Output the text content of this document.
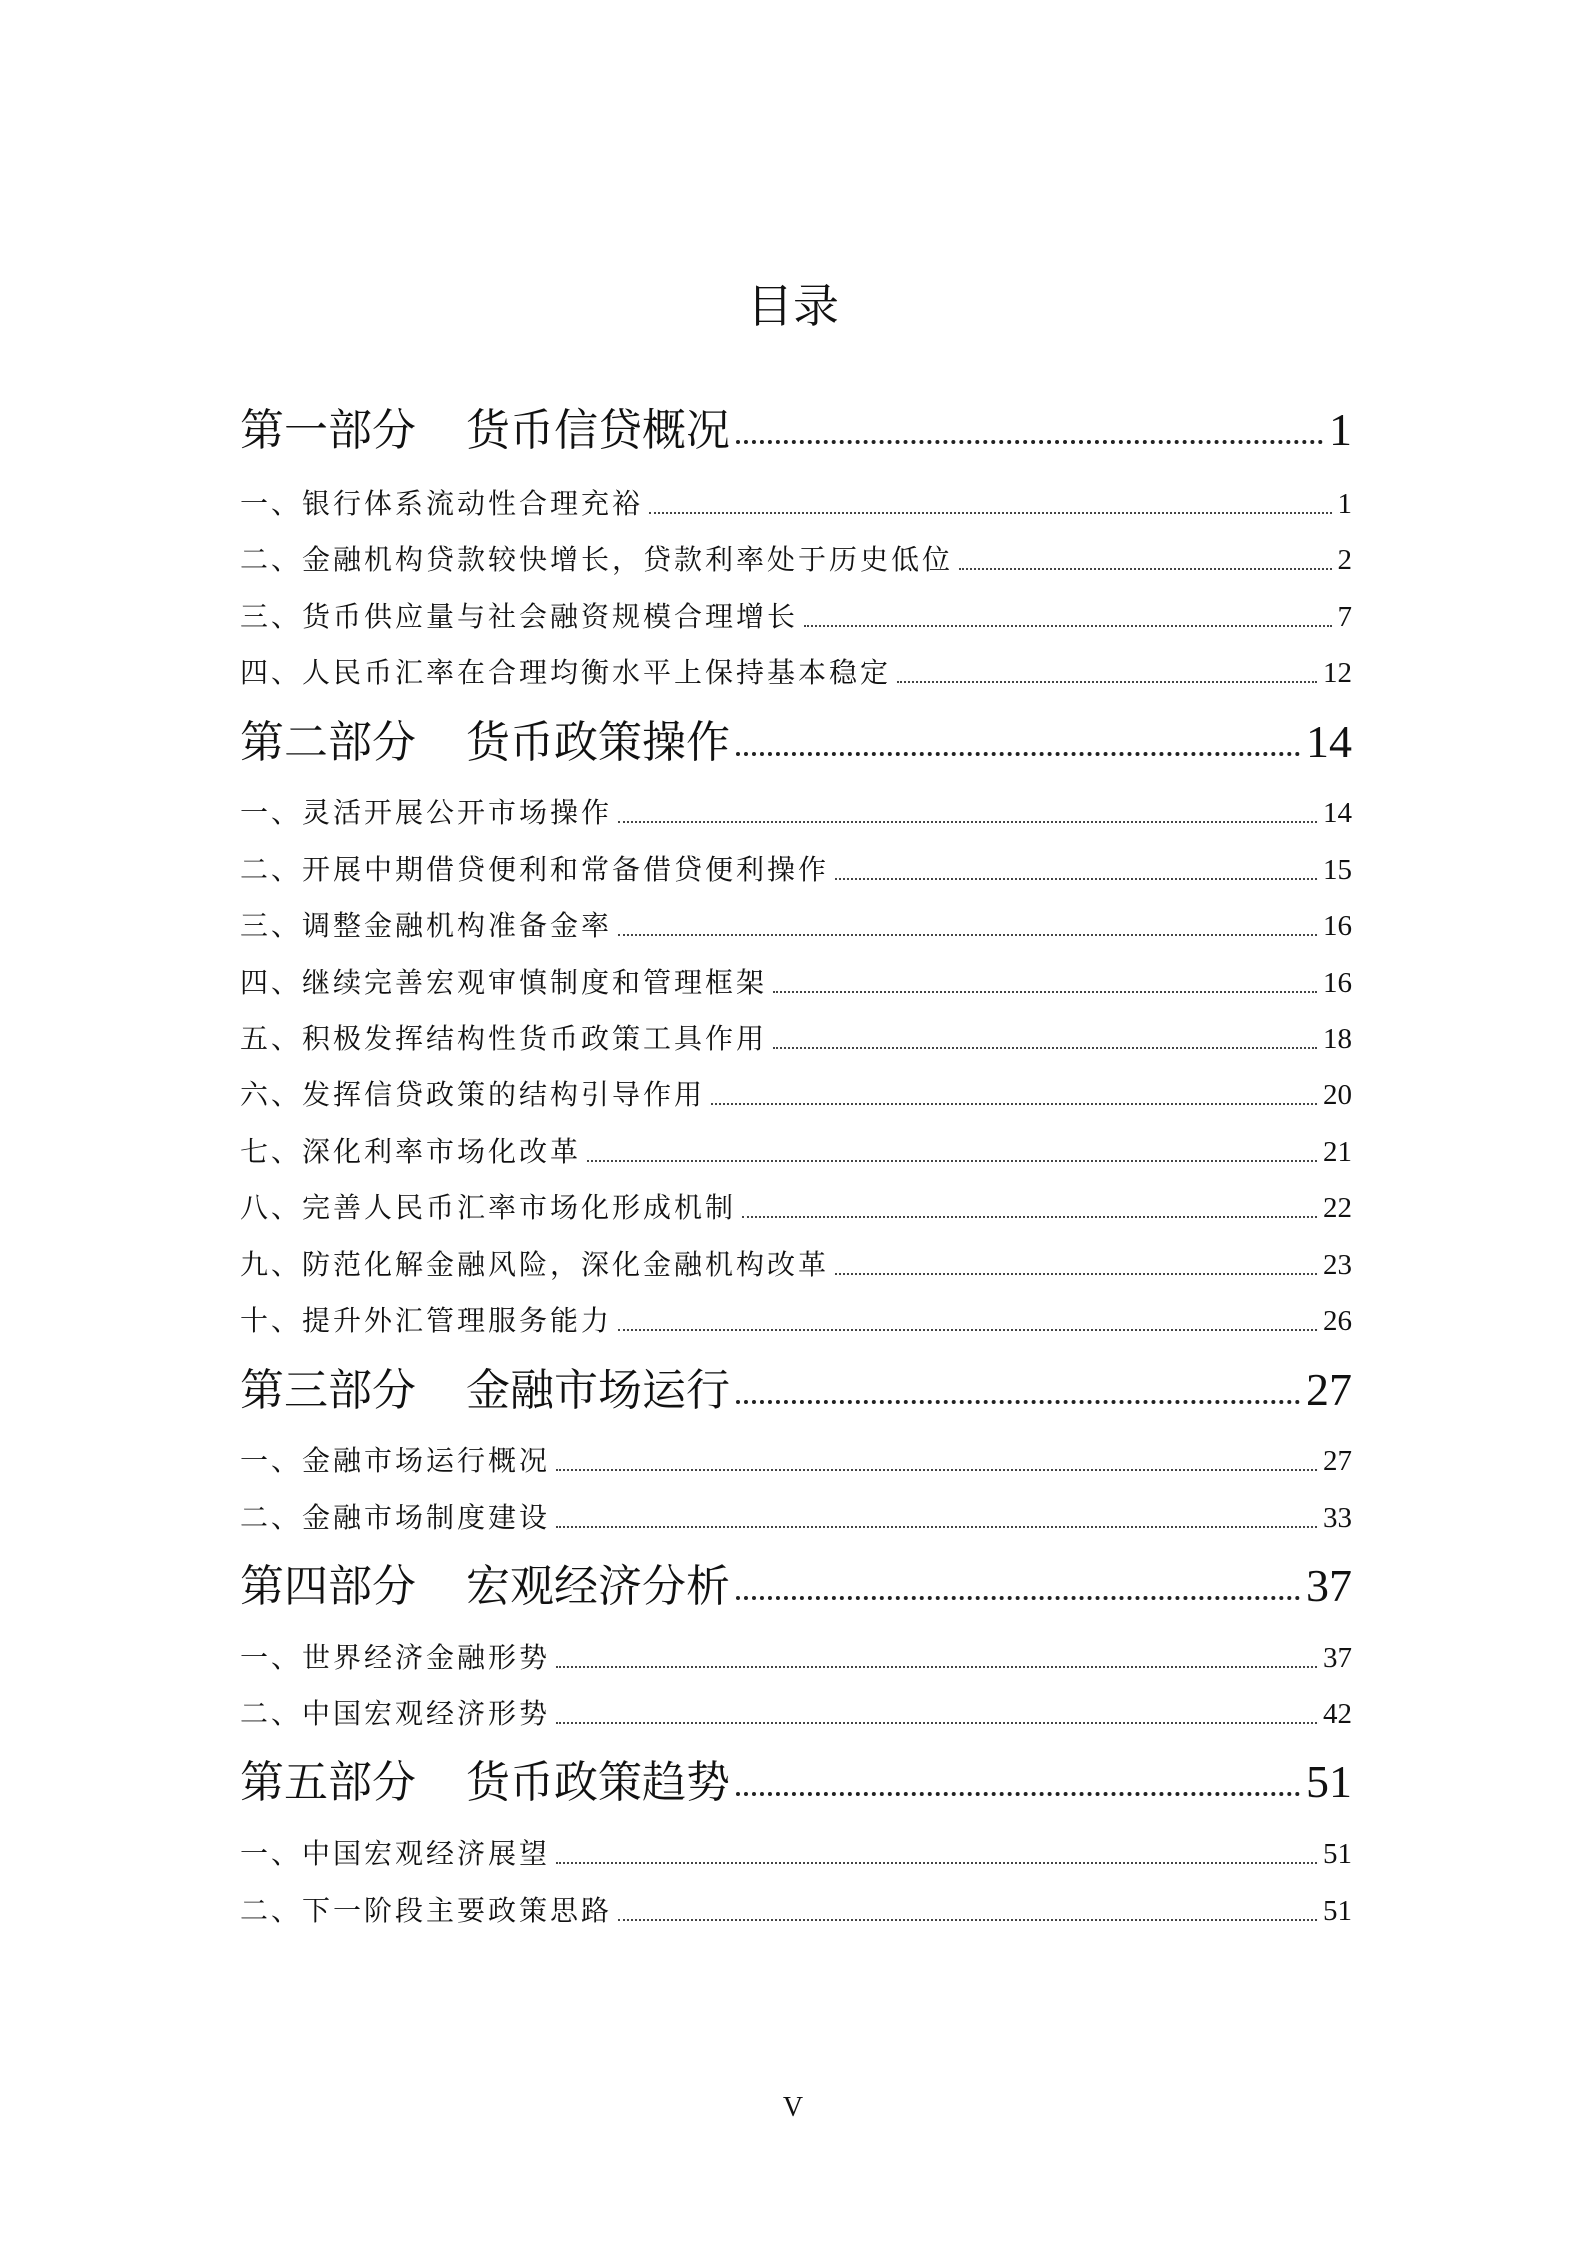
目录
第一部分 货币信贷概况	1
一、银行体系流动性合理充裕	1
二、金融机构贷款较快增长，贷款利率处于历史低位	2
三、货币供应量与社会融资规模合理增长	7
四、人民币汇率在合理均衡水平上保持基本稳定	12
第二部分 货币政策操作	14
一、灵活开展公开市场操作	14
二、开展中期借贷便利和常备借贷便利操作	15
三、调整金融机构准备金率	16
四、继续完善宏观审慎制度和管理框架	16
五、积极发挥结构性货币政策工具作用	18
六、发挥信贷政策的结构引导作用	20
七、深化利率市场化改革	21
八、完善人民币汇率市场化形成机制	22
九、防范化解金融风险，深化金融机构改革	23
十、提升外汇管理服务能力	26
第三部分 金融市场运行	27
一、金融市场运行概况	27
二、金融市场制度建设	33
第四部分 宏观经济分析	37
一、世界经济金融形势	37
二、中国宏观经济形势	42
第五部分 货币政策趋势	51
一、中国宏观经济展望	51
二、下一阶段主要政策思路	51
V
